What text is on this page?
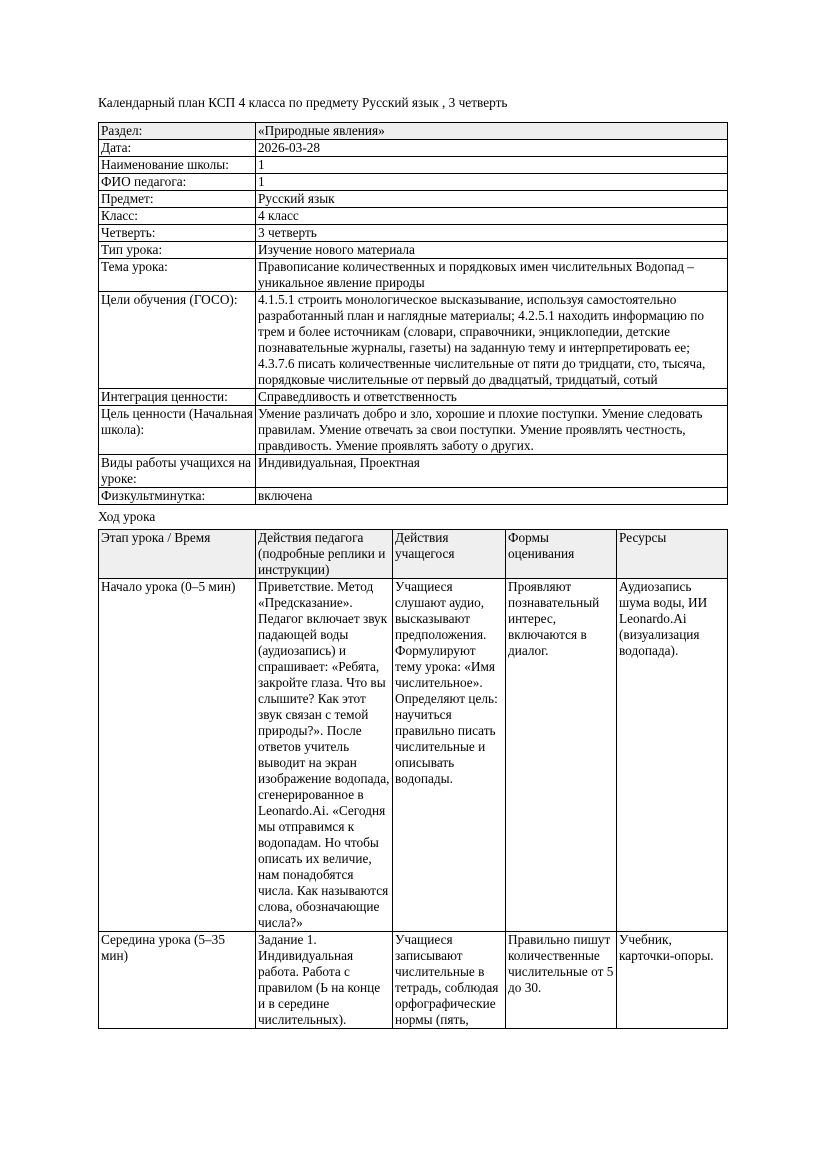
Календарный план КСП 4 класса по предмету Русский язык , 3 четверть
Раздел:	«Природные явления»
Дата:	2026-03-28
Наименование школы:	1
ФИО педагога:	1
Предмет:	Русский язык
Класс:	4 класс
Четверть:	3 четверть
Тип урока:	Изучение нового материала
Тема урока:	Правописание количественных и порядковых имен числительных Водопад – уникальное явление природы
Цели обучения (ГОСО):	4.1.5.1 строить монологическое высказывание, используя самостоятельно разработанный план и наглядные материалы; 4.2.5.1 находить информацию по трем и более источникам (словари, справочники, энциклопедии, детские познавательные журналы, газеты) на заданную тему и интерпретировать ее; 4.3.7.6 писать количественные числительные от пяти до тридцати, сто, тысяча, порядковые числительные от первый до двадцатый, тридцатый, сотый
Интеграция ценности:	Справедливость и ответственность
Цель ценности (Начальная школа):	Умение различать добро и зло, хорошие и плохие поступки. Умение следовать правилам. Умение отвечать за свои поступки. Умение проявлять честность, правдивость. Умение проявлять заботу о других.
Виды работы учащихся на уроке:	Индивидуальная, Проектная
Физкультминутка:	включена
Ход урока
Этап урока / Время	Действия педагога (подробные реплики и инструкции)	Действия учащегося	Формы оценивания	Ресурсы
Начало урока (0–5 мин)	Приветствие. Метод «Предсказание». Педагог включает звук падающей воды (аудиозапись) и спрашивает: «Ребята, закройте глаза. Что вы слышите? Как этот звук связан с темой природы?». После ответов учитель выводит на экран изображение водопада, сгенерированное в Leonardo.Ai. «Сегодня мы отправимся к водопадам. Но чтобы описать их величие, нам понадобятся числа. Как называются слова, обозначающие числа?»	Учащиеся слушают аудио, высказывают предположения. Формулируют тему урока: «Имя числительное». Определяют цель: научиться правильно писать числительные и описывать водопады.	Проявляют познавательный интерес, включаются в диалог.	Аудиозапись шума воды, ИИ Leonardo.Ai (визуализация водопада).

Середина урока (5–35 мин)	Задание 1. Индивидуальная работа. Работа с правилом (Ь на конце и в середине числительных).	Учащиеся записывают числительные в тетрадь, соблюдая орфографические нормы (пять,	Правильно пишут количественные числительные от 5 до 30.	Учебник, карточки-опоры.
